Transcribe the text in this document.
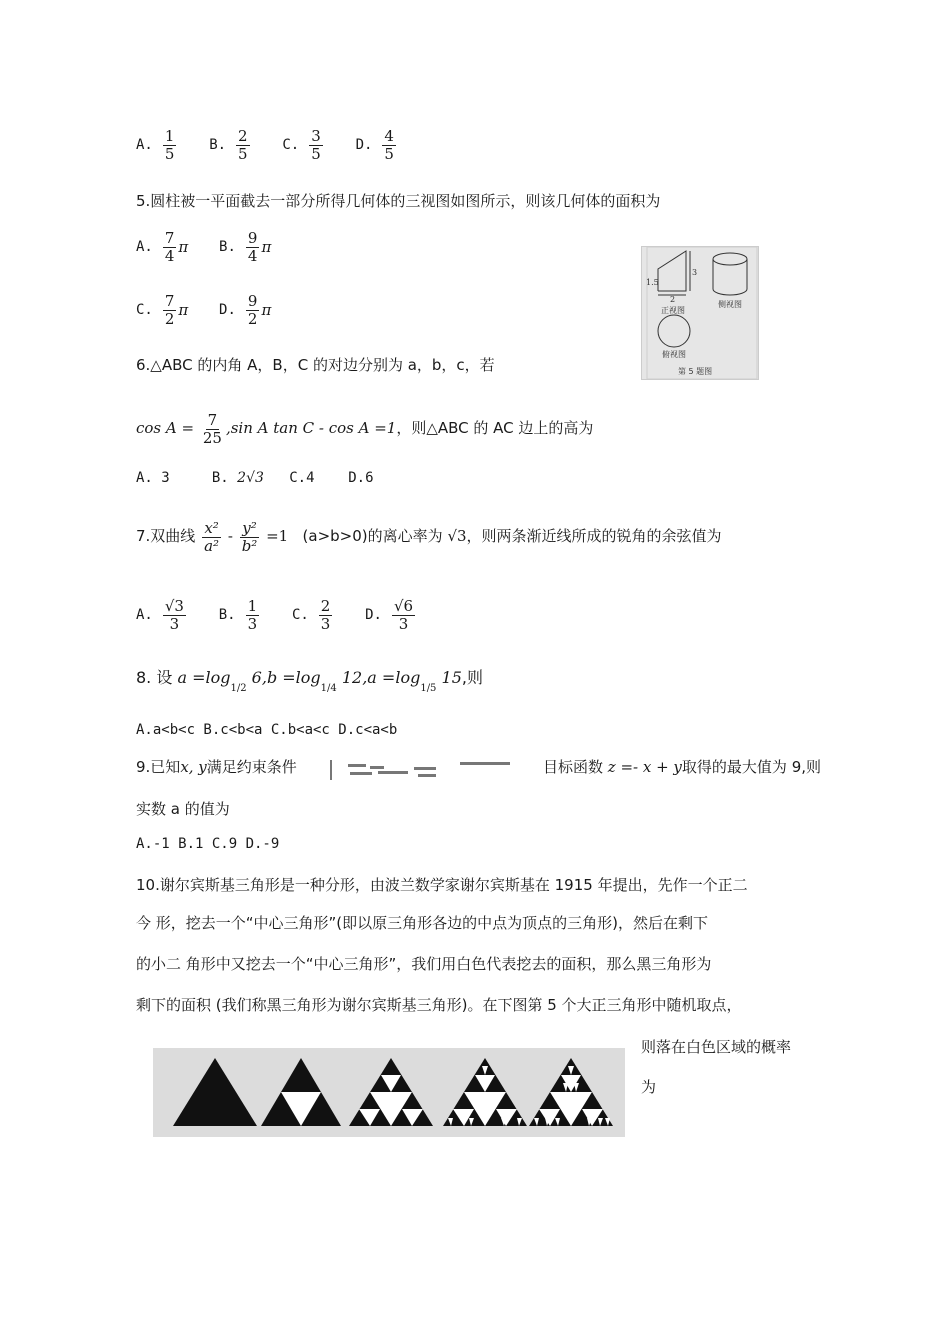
A. $\frac{1}{5}$
B. $\frac{2}{5}$
C. $\frac{3}{5}$
D. $\frac{4}{5}$
5.圆柱被一平面截去一部分所得几何体的三视图如图所示，则该几何体的面积为
A. $\frac{7}{4}$ π
B. $\frac{9}{4}$ π
C. $\frac{7}{2}$ π
D. $\frac{9}{2}$ π
1.5
2
3
正视图
侧视图
俯视图
第 5 题图
6.△ABC 的内角 A，B，C 的对边分别为 a，b，c，若
$\cos A = \frac{7}{25} ,\sin$ A tan C - cos A =1，则△ABC 的 AC 边上的高为
A. 3	B. 2√3 C.4 D.6
7.双曲线 $\frac{\text{x²}}{\text{a²}} - \frac{\text{y²}}{\text{b²}} =1$ (a>b>0)的离心率为 √3，则两条渐近线所成的锐角的余弦值为
A. $\frac{√3}{3}$
B. $\frac{1}{3}$
C. $\frac{2}{3}$
D. $\frac{√6}{3}$
8. 设 $a =\log_{1/2}$ $6,b =\log_{1/4}$ $12,a =\log_{1/5}$ 15,则
A.a<b<c B.c<b<a C.b<a<c D.c<a<b
9.已知x, y满足约束条件	目标函数 z =- x + y取得的最大值为 9,则
实数 a 的值为
A.-1 B.1 C.9 D.-9
10.谢尔宾斯基三角形是一种分形，由波兰数学家谢尔宾斯基在 1915 年提出，先作一个正二
今 形，挖去一个“中心三角形”(即以原三角形各边的中点为顶点的三角形)，然后在剩下
的小二 角形中又挖去一个“中心三角形”，我们用白色代表挖去的面积，那么黑三角形为
剩下的面积 (我们称黑三角形为谢尔宾斯基三角形)。在下图第 5 个大正三角形中随机取点，
则落在白色区域的概率
为
